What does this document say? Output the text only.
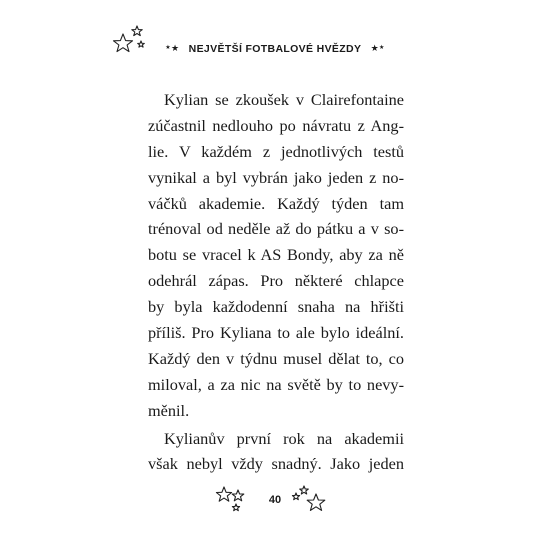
★★ NEJVĚTŠÍ FOTBALOVÉ HVĚZDY ★★
Kylian se zkoušek v Clairefontaine
zúčastnil nedlouho po návratu z Ang-
lie. V každém z jednotlivých testů
vynikal a byl vybrán jako jeden z no-
váčků akademie. Každý týden tam
trénoval od neděle až do pátku a v so-
botu se vracel k AS Bondy, aby za ně
odehrál zápas. Pro některé chlapce
by byla každodenní snaha na hřišti
příliš. Pro Kyliana to ale bylo ideální.
Každý den v týdnu musel dělat to, co
miloval, a za nic na světě by to nevy-
měnil.
Kylianův první rok na akademii
však nebyl vždy snadný. Jako jeden
40
